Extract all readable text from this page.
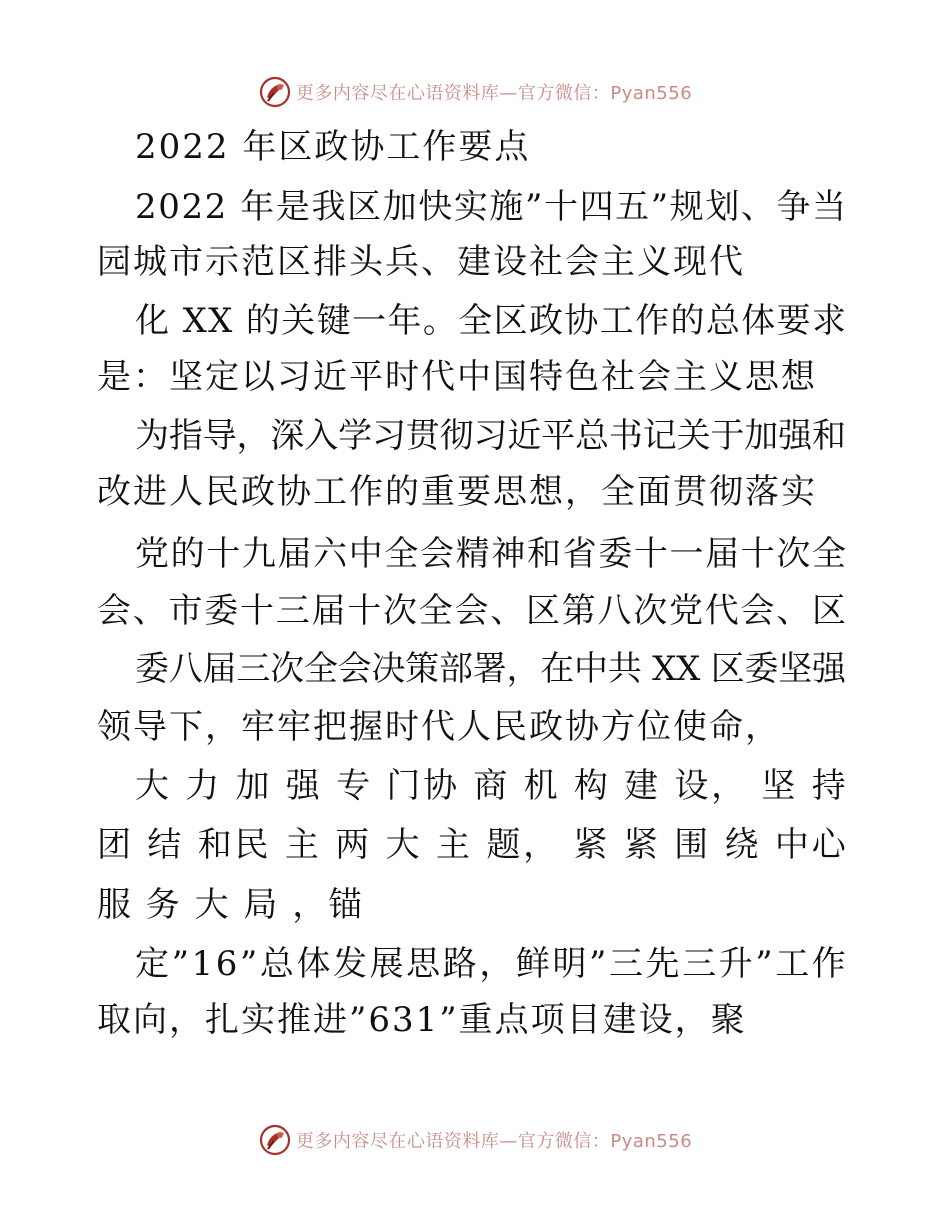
更多内容尽在心语资料库—官方微信：Pyan556
2022 年区政协工作要点
2022 年是我区加快实施”十四五”规划、争当
园城市示范区排头兵、建设社会主义现代
化 XX 的关键一年。全区政协工作的总体要求
是：坚定以习近平时代中国特色社会主义思想
为指导，深入学习贯彻习近平总书记关于加强和
改进人民政协工作的重要思想，全面贯彻落实
党的十九届六中全会精神和省委十一届十次全
会、市委十三届十次全会、区第八次党代会、区
委八届三次全会决策部署，在中共 XX 区委坚强
领导下，牢牢把握时代人民政协方位使命，
大 力 加 强 专 门协 商 机 构 建 设， 坚 持
团 结 和民 主 两 大 主 题， 紧 紧 围 绕 中心
服 务 大 局 ，锚
定”16”总体发展思路，鲜明”三先三升”工作
取向，扎实推进”631”重点项目建设，聚
更多内容尽在心语资料库—官方微信：Pyan556
